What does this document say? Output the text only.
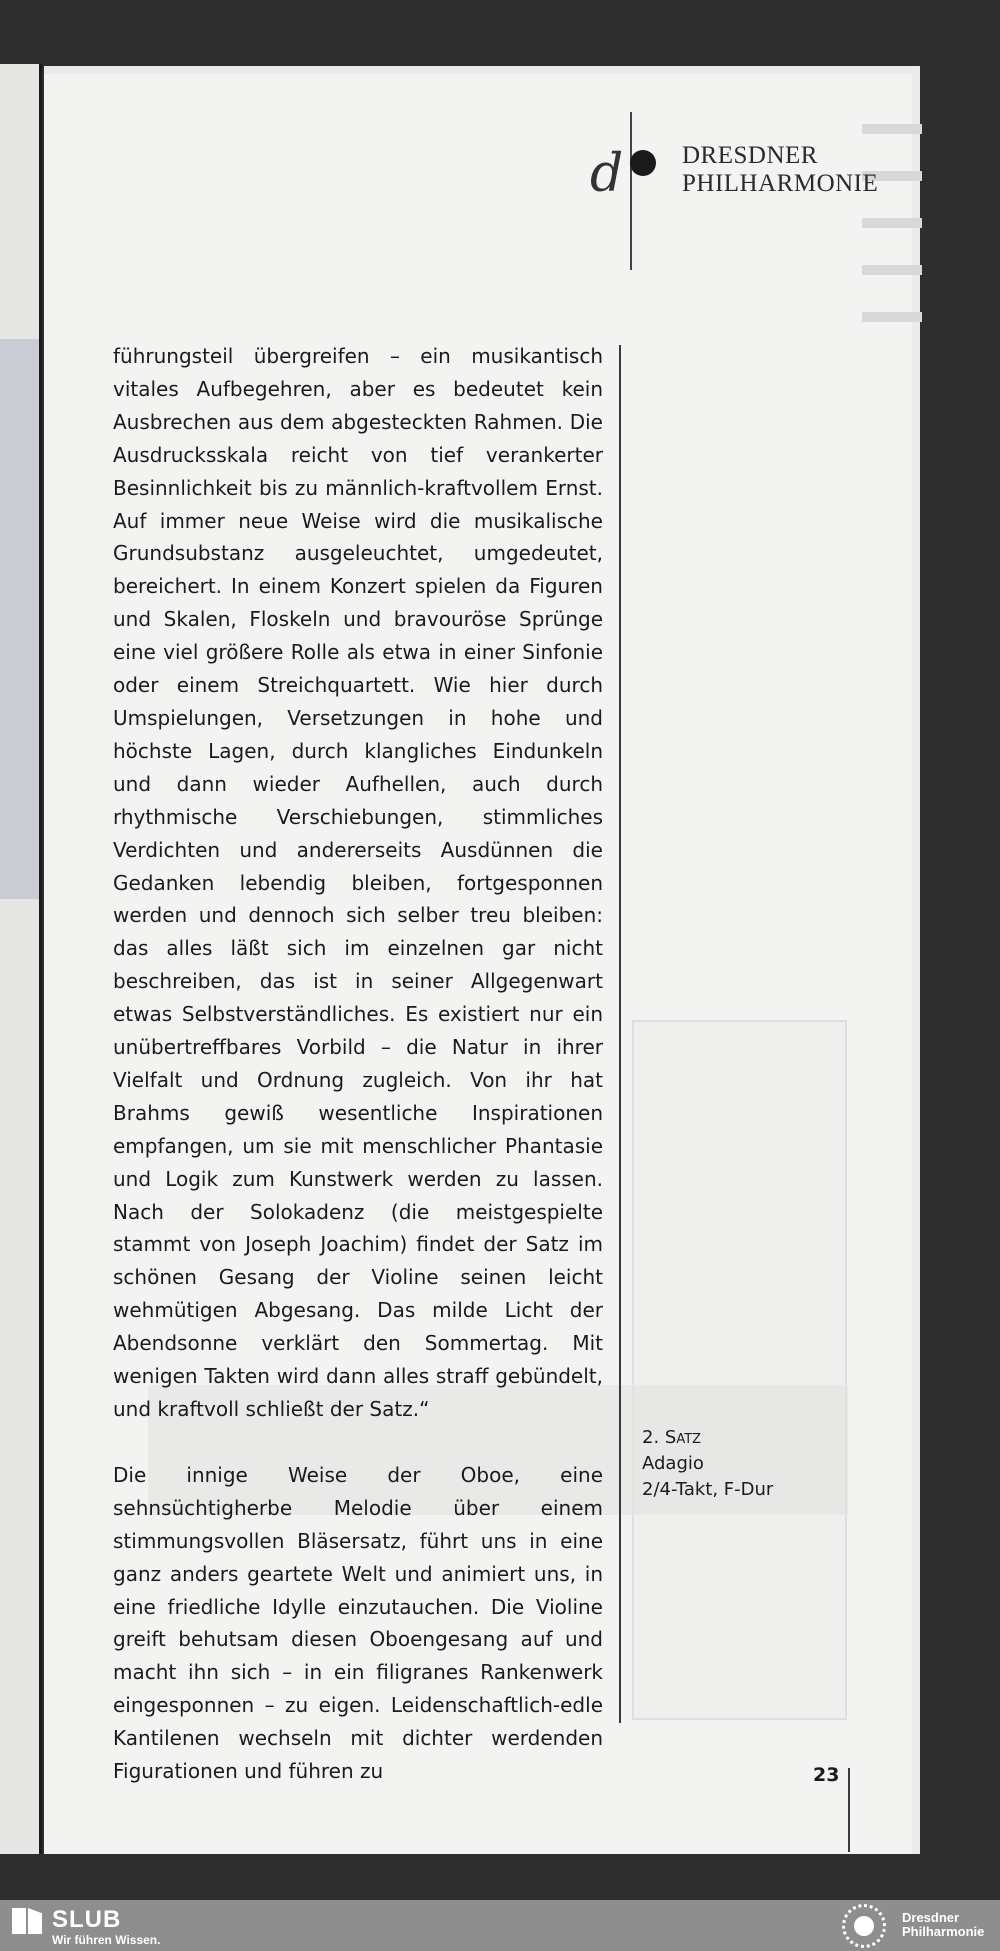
d DRESDNER
PHILHARMONIE

führungsteil übergreifen – ein musikantisch vitales Aufbegehren, aber es bedeutet kein Ausbrechen aus dem abgesteckten Rahmen. Die Ausdrucksskala reicht von tief verankerter Besinnlichkeit bis zu männlich-kraftvollem Ernst. Auf immer neue Weise wird die musikalische Grundsubstanz ausgeleuchtet, umgedeutet, bereichert. In einem Konzert spielen da Figuren und Skalen, Floskeln und bravouröse Sprünge eine viel größere Rolle als etwa in einer Sinfonie oder einem Streichquartett. Wie hier durch Umspielungen, Versetzungen in hohe und höchste Lagen, durch klangliches Eindunkeln und dann wieder Aufhellen, auch durch rhythmische Verschiebungen, stimmliches Verdichten und andererseits Ausdünnen die Gedanken lebendig bleiben, fortgesponnen werden und dennoch sich selber treu bleiben: das alles läßt sich im einzelnen gar nicht beschreiben, das ist in seiner Allgegenwart etwas Selbstverständliches. Es existiert nur ein unübertreffbares Vorbild – die Natur in ihrer Vielfalt und Ordnung zugleich. Von ihr hat Brahms gewiß wesentliche Inspirationen empfangen, um sie mit menschlicher Phantasie und Logik zum Kunstwerk werden zu lassen. Nach der Solokadenz (die meistgespielte stammt von Joseph Joachim) findet der Satz im schönen Gesang der Violine seinen leicht wehmütigen Abgesang. Das milde Licht der Abendsonne verklärt den Sommertag. Mit wenigen Takten wird dann alles straff gebündelt, und kraftvoll schließt der Satz.“

Die innige Weise der Oboe, eine sehnsüchtigherbe Melodie über einem stimmungsvollen Bläsersatz, führt uns in eine ganz anders geartete Welt und animiert uns, in eine friedliche Idylle einzutauchen. Die Violine greift behutsam diesen Oboengesang auf und macht ihn sich – in ein filigranes Rankenwerk eingesponnen – zu eigen. Leidenschaftlich-edle Kantilenen wechseln mit dichter werdenden Figurationen und führen zu

2. Satz
Adagio
2/4-Takt, F-Dur
23
SLUB
Wir führen Wissen.
Dresdner
Philharmonie
